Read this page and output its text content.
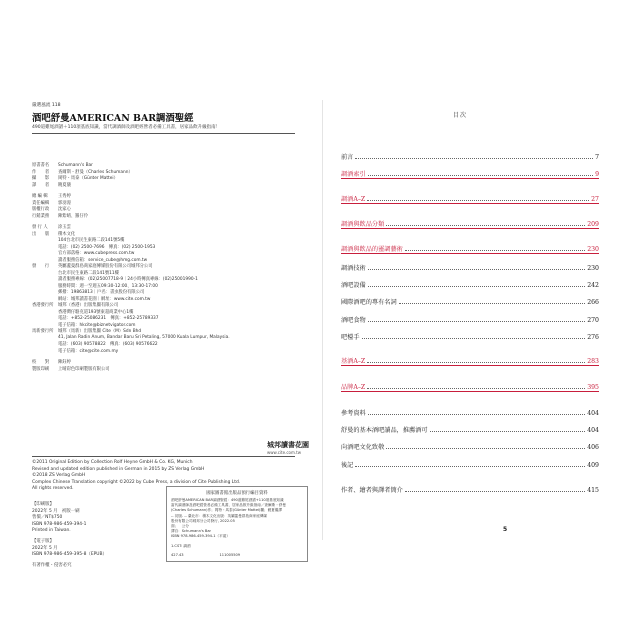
嚴選風流 118
酒吧舒曼AMERICAN BAR調酒聖經
490道雞尾酒譜＋110項基底知識，當代調酒師及酒吧經營者必備工具書，居家品飲升級指南！
原書書名	Schumann's Bar
作　　者	查爾斯・舒曼（Charles Schumann）
攝　　影	岡特・馬泰（Günter Mattei）
譯　　者	饒夏儀
總 編 輯	王秀婷
責任編輯	郭羽漫
版權行政	沈家心
行銷業務	陳紫晴、羅仔伶
發 行 人	涂玉雲
出　　版	積木文化
104台北市民生東路二段141號5樓
電話：(02) 2500-7696　傳真：(02) 2500-1953
官方部落格：www.cubepress.com.tw
讀者服務信箱：service_cube@hmg.com.tw
發　　行	英屬蓋曼群島商家庭傳媒股份有限公司城邦分公司
台北市民生東路二段141號11樓
讀者服務專線：(02)25007718-9｜24小時傳真專線：(02)25001990-1
服務時間：週一至週五09:30-12:00、13:30-17:00
郵撥：19863813｜戶名：書虫股份有限公司
網站：城邦讀書花園｜網址：www.cite.com.tw
香港發行所	城邦（香港）出版集團有限公司
香港灣仔駱克道193號東超商業中心1樓
電話：+852-25086231　傳真：+852-25789337
電子信箱：hkcite@biznetvigator.com
馬新發行所	城邦（馬新）出版集團 Cite（M）Sdn Bhd
41, Jalan Radin Anum, Bandar Baru Sri Petaling, 57000 Kuala Lumpur, Malaysia.
電話：(603) 90578822　傳真：(603) 90576622
電子信箱：cite@cite.com.my
校　　對	陳鈺婷
製版印刷	上晴彩色印刷製版有限公司
城邦讀書花園
www.cite.com.tw
©2011 Original Edition by Collection Rolf Heyne GmbH & Co. KG, Munich
Revised and updated edition published in German in 2015 by ZS Verlag GmbH
©2018 ZS Verlag GmbH
Complex Chinese Translation copyright ©2022 by Cube Press, a division of Cite Publishing Ltd.
All rights reserved.
【印刷版】
2022年 5 月　初版一刷
售價／NT$750
ISBN 978-986-459-394-1
Printed in Taiwan.
【電子版】
2022年 5 月
ISBN 978-986-459-395-8（EPUB）
有著作權・侵害必究
國家圖書館出版品預行編目資料
酒吧舒曼AMERICAN BAR調酒聖經：490道雞尾酒譜+110項基底知識
當代調酒師及酒吧經營者必備工具書，居家品飲升級指南／查爾斯・舒曼
(Charles Schumann)作；岡特・馬泰(Günter Mattei)攝；饒夏儀譯
-- 初版. -- 臺北市：積木文化出版：英屬蓋曼群島商家庭傳媒
股份有限公司城邦分公司發行, 2022.05
面；　公分
譯自：Schumann's Bar
ISBN 978-986-459-394-1（平裝）
1.CST: 調酒
427.43　　　　　　　　　　111005509
目次
前言	7
調酒索引	9
調酒A–Z	27
調酒與飲品分類	209
調酒與飲品的靈調藝術	230
調酒技術	230
酒吧設備	242
國際酒吧的專有名詞	266
酒吧食物	270
吧檯手	276
基酒A–Z	283
品牌A–Z	395
參考資料	404
舒曼的基本酒吧讀品，推薦酒可	404
向酒吧文化致敬	406
後記	409
作者、繪者與譯者簡介	415
5
